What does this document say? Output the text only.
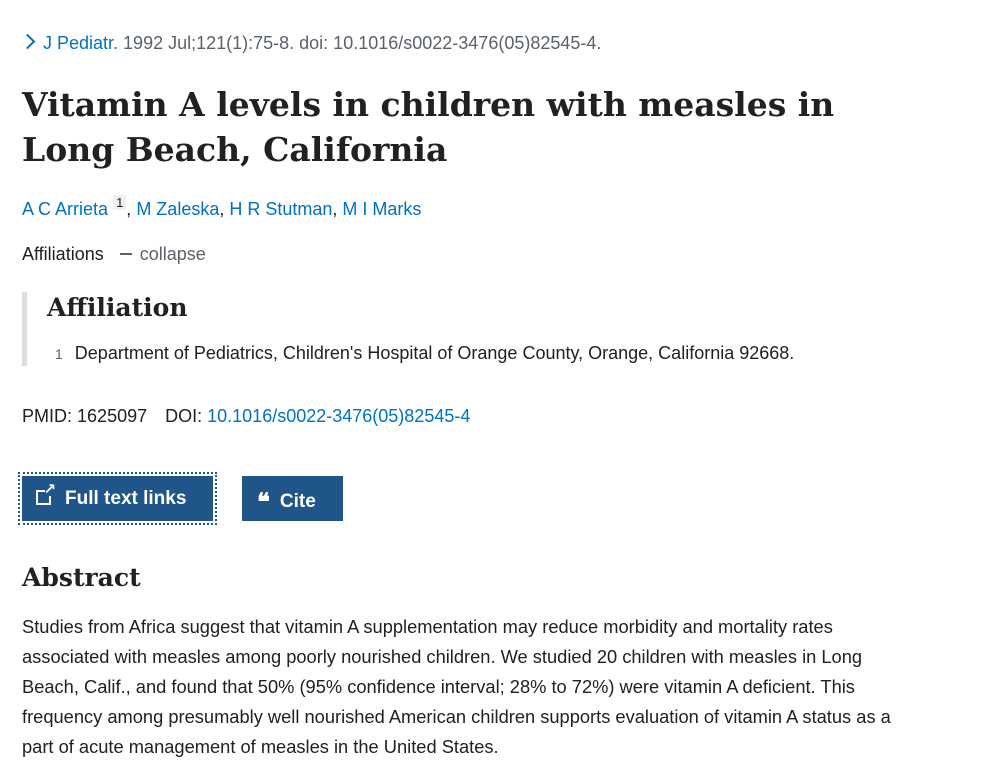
J Pediatr. 1992 Jul;121(1):75-8. doi: 10.1016/s0022-3476(05)82545-4.
Vitamin A levels in children with measles in Long Beach, California
A C Arrieta 1 , M Zaleska, H R Stutman, M I Marks
Affiliations collapse
Affiliation
1 Department of Pediatrics, Children's Hospital of Orange County, Orange, California 92668.
PMID: 1625097 DOI: 10.1016/s0022-3476(05)82545-4
↗Full text links	❝ Cite
Abstract

Studies from Africa suggest that vitamin A supplementation may reduce morbidity and mortality rates associated with measles among poorly nourished children. We studied 20 children with measles in Long Beach, Calif., and found that 50% (95% confidence interval; 28% to 72%) were vitamin A deficient. This frequency among presumably well nourished American children supports evaluation of vitamin A status as a part of acute management of measles in the United States.
